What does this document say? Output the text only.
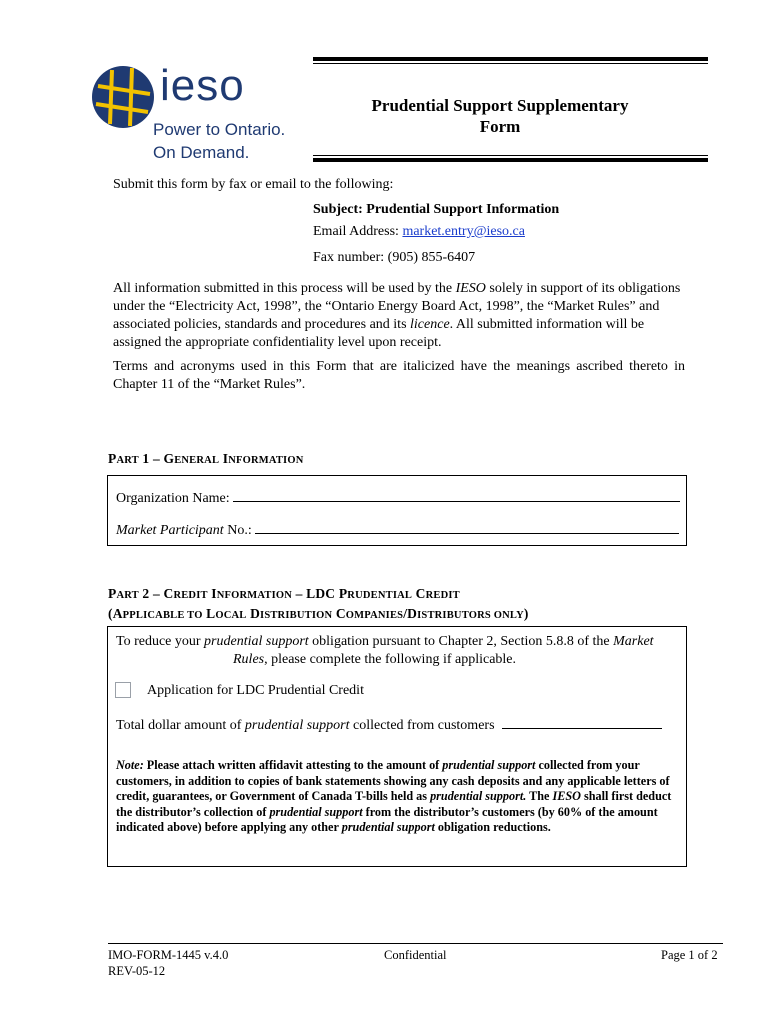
ieso
Power to Ontario.
On Demand.
Prudential Support Supplementary
Form
Submit this form by fax or email to the following:
Subject: Prudential Support Information
Email Address: market.entry@ieso.ca
Fax number: (905) 855-6407
All information submitted in this process will be used by the IESO solely in support of its obligations under the “Electricity Act, 1998”, the “Ontario Energy Board Act, 1998”, the “Market Rules” and associated policies, standards and procedures and its licence. All submitted information will be assigned the appropriate confidentiality level upon receipt.
Terms and acronyms used in this Form that are italicized have the meanings ascribed thereto in Chapter 11 of the “Market Rules”.
PART 1 – GENERAL INFORMATION
Organization Name:
Market Participant No.:
PART 2 – CREDIT INFORMATION – LDC PRUDENTIAL CREDIT
(APPLICABLE TO LOCAL DISTRIBUTION COMPANIES/DISTRIBUTORS ONLY)
To reduce your prudential support obligation pursuant to Chapter 2, Section 5.8.8 of the Market
Rules, please complete the following if applicable.
Application for LDC Prudential Credit
Total dollar amount of prudential support collected from customers
Note: Please attach written affidavit attesting to the amount of prudential support collected from your customers, in addition to copies of bank statements showing any cash deposits and any applicable letters of credit, guarantees, or Government of Canada T-bills held as prudential support. The IESO shall first deduct the distributor’s collection of prudential support from the distributor’s customers (by 60% of the amount indicated above) before applying any other prudential support obligation reductions.
IMO-FORM-1445 v.4.0
REV-05-12
Confidential	Page 1 of 2
